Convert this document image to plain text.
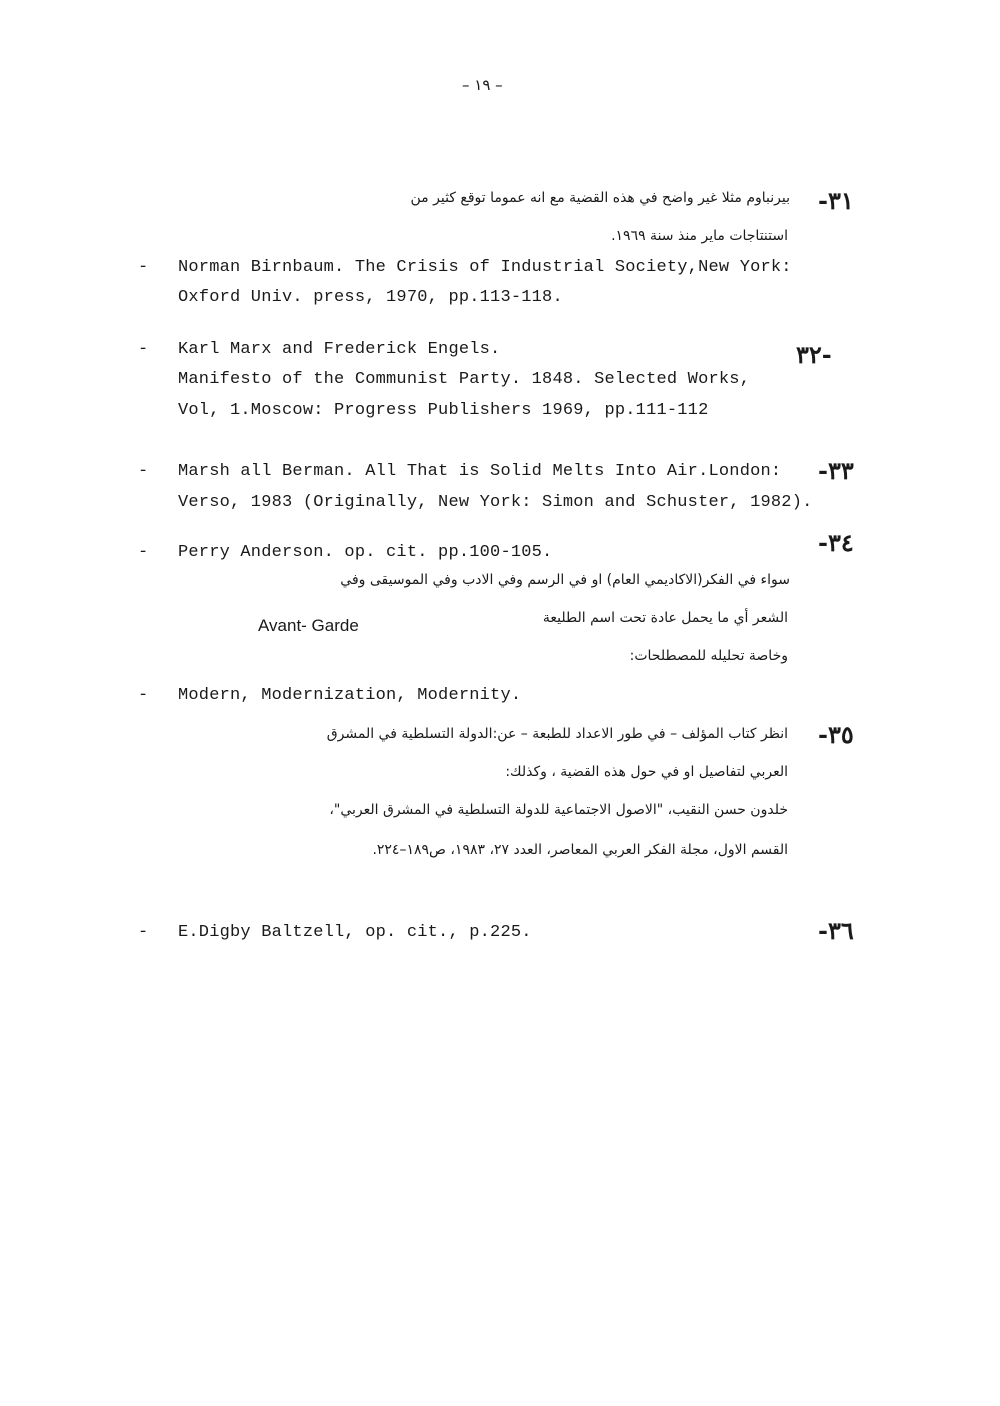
– ١٩ –
٣١-
بيرنباوم مثلا غير واضح في هذه القضية مع انه عموما توقع كثير من
استنتاجات ماير منذ سنة ١٩٦٩.
- Norman Birnbaum. The Crisis of Industrial Society,New York:
Oxford Univ. press, 1970, pp.113-118.
-٣٢
- Karl Marx and Frederick Engels.
Manifesto of the Communist Party. 1848. Selected Works,
Vol, 1.Moscow: Progress Publishers 1969, pp.111-112
٣٣-
- Marsh all Berman. All That is Solid Melts Into Air.London:
Verso, 1983 (Originally, New York: Simon and Schuster, 1982).
٣٤-
- Perry Anderson. op. cit. pp.100-105.
سواء في الفكر(الاكاديمي العام) او في الرسم وفي الادب وفي الموسيقى وفي
الشعر أي ما يحمل عادة تحت اسم الطليعة
Avant- Garde
وخاصة تحليله للمصطلحات:
- Modern, Modernization, Modernity.
٣٥-
انظر كتاب المؤلف – في طور الاعداد للطبعة – عن:الدولة التسلطية في المشرق
العربي لتفاصيل او في حول هذه القضية ، وكذلك:
خلدون حسن النقيب، "الاصول الاجتماعية للدولة التسلطية في المشرق العربي"،
القسم الاول، مجلة الفكر العربي المعاصر، العدد ٢٧، ١٩٨٣، ص١٨٩–٢٢٤.
٣٦-
- E.Digby Baltzell, op. cit., p.225.
